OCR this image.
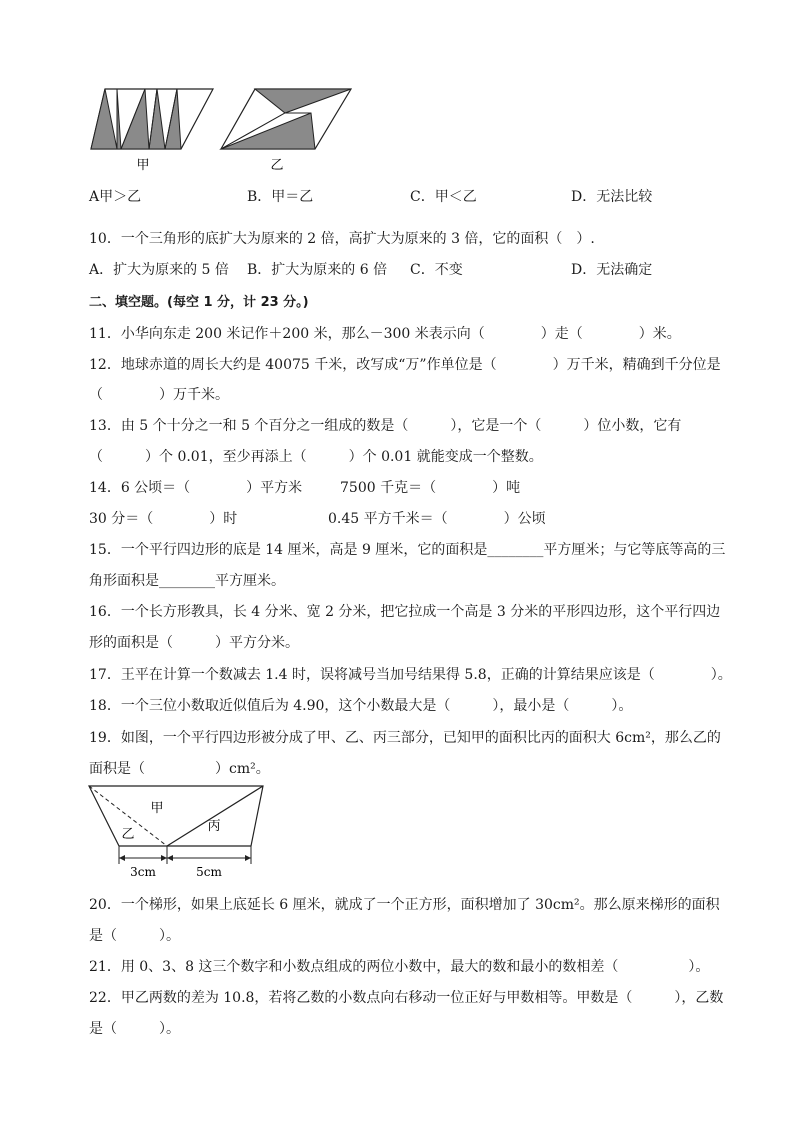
甲	乙
A甲＞乙	B．甲＝乙	C．甲＜乙	D．无法比较
10．一个三角形的底扩大为原来的 2 倍，高扩大为原来的 3 倍，它的面积（　）.
A．扩大为原来的 5 倍 B．扩大为原来的 6 倍 C．不变	D．无法确定
二、填空题。(每空 1 分，计 23 分。)
11．小华向东走 200 米记作＋200 米，那么－300 米表示向（　　　　）走（　　　　）米。
12．地球赤道的周长大约是 40075 千米，改写成“万”作单位是（　　　　）万千米，精确到千分位是
（　　　　）万千米。
13．由 5 个十分之一和 5 个百分之一组成的数是（　　　），它是一个（　　　）位小数，它有
（　　　）个 0.01，至少再添上（　　　）个 0.01 就能变成一个整数。
14．6 公顷＝（　　　　）平方米	7500 千克＝（　　　　）吨
30 分＝（　　　　）时	0.45 平方千米＝（　　　　）公顷
15．一个平行四边形的底是 14 厘米，高是 9 厘米，它的面积是________平方厘米；与它等底等高的三
角形面积是________平方厘米。
16．一个长方形教具，长 4 分米、宽 2 分米，把它拉成一个高是 3 分米的平形四边形，这个平行四边
形的面积是（　　　）平方分米。
17．王平在计算一个数减去 1.4 时，误将减号当加号结果得 5.8，正确的计算结果应该是（　　　　）。
18．一个三位小数取近似值后为 4.90，这个小数最大是（　　　），最小是（　　　）。
19．如图，一个平行四边形被分成了甲、乙、丙三部分，已知甲的面积比丙的面积大 6cm²，那么乙的
面积是（　　　　　）cm²。
甲
乙
丙
3cm	5cm
20．一个梯形，如果上底延长 6 厘米，就成了一个正方形，面积增加了 30cm²。那么原来梯形的面积
是（　　　）。
21．用 0、3、8 这三个数字和小数点组成的两位小数中，最大的数和最小的数相差（　　　　　）。
22．甲乙两数的差为 10.8，若将乙数的小数点向右移动一位正好与甲数相等。甲数是（　　　），乙数
是（　　　）。
